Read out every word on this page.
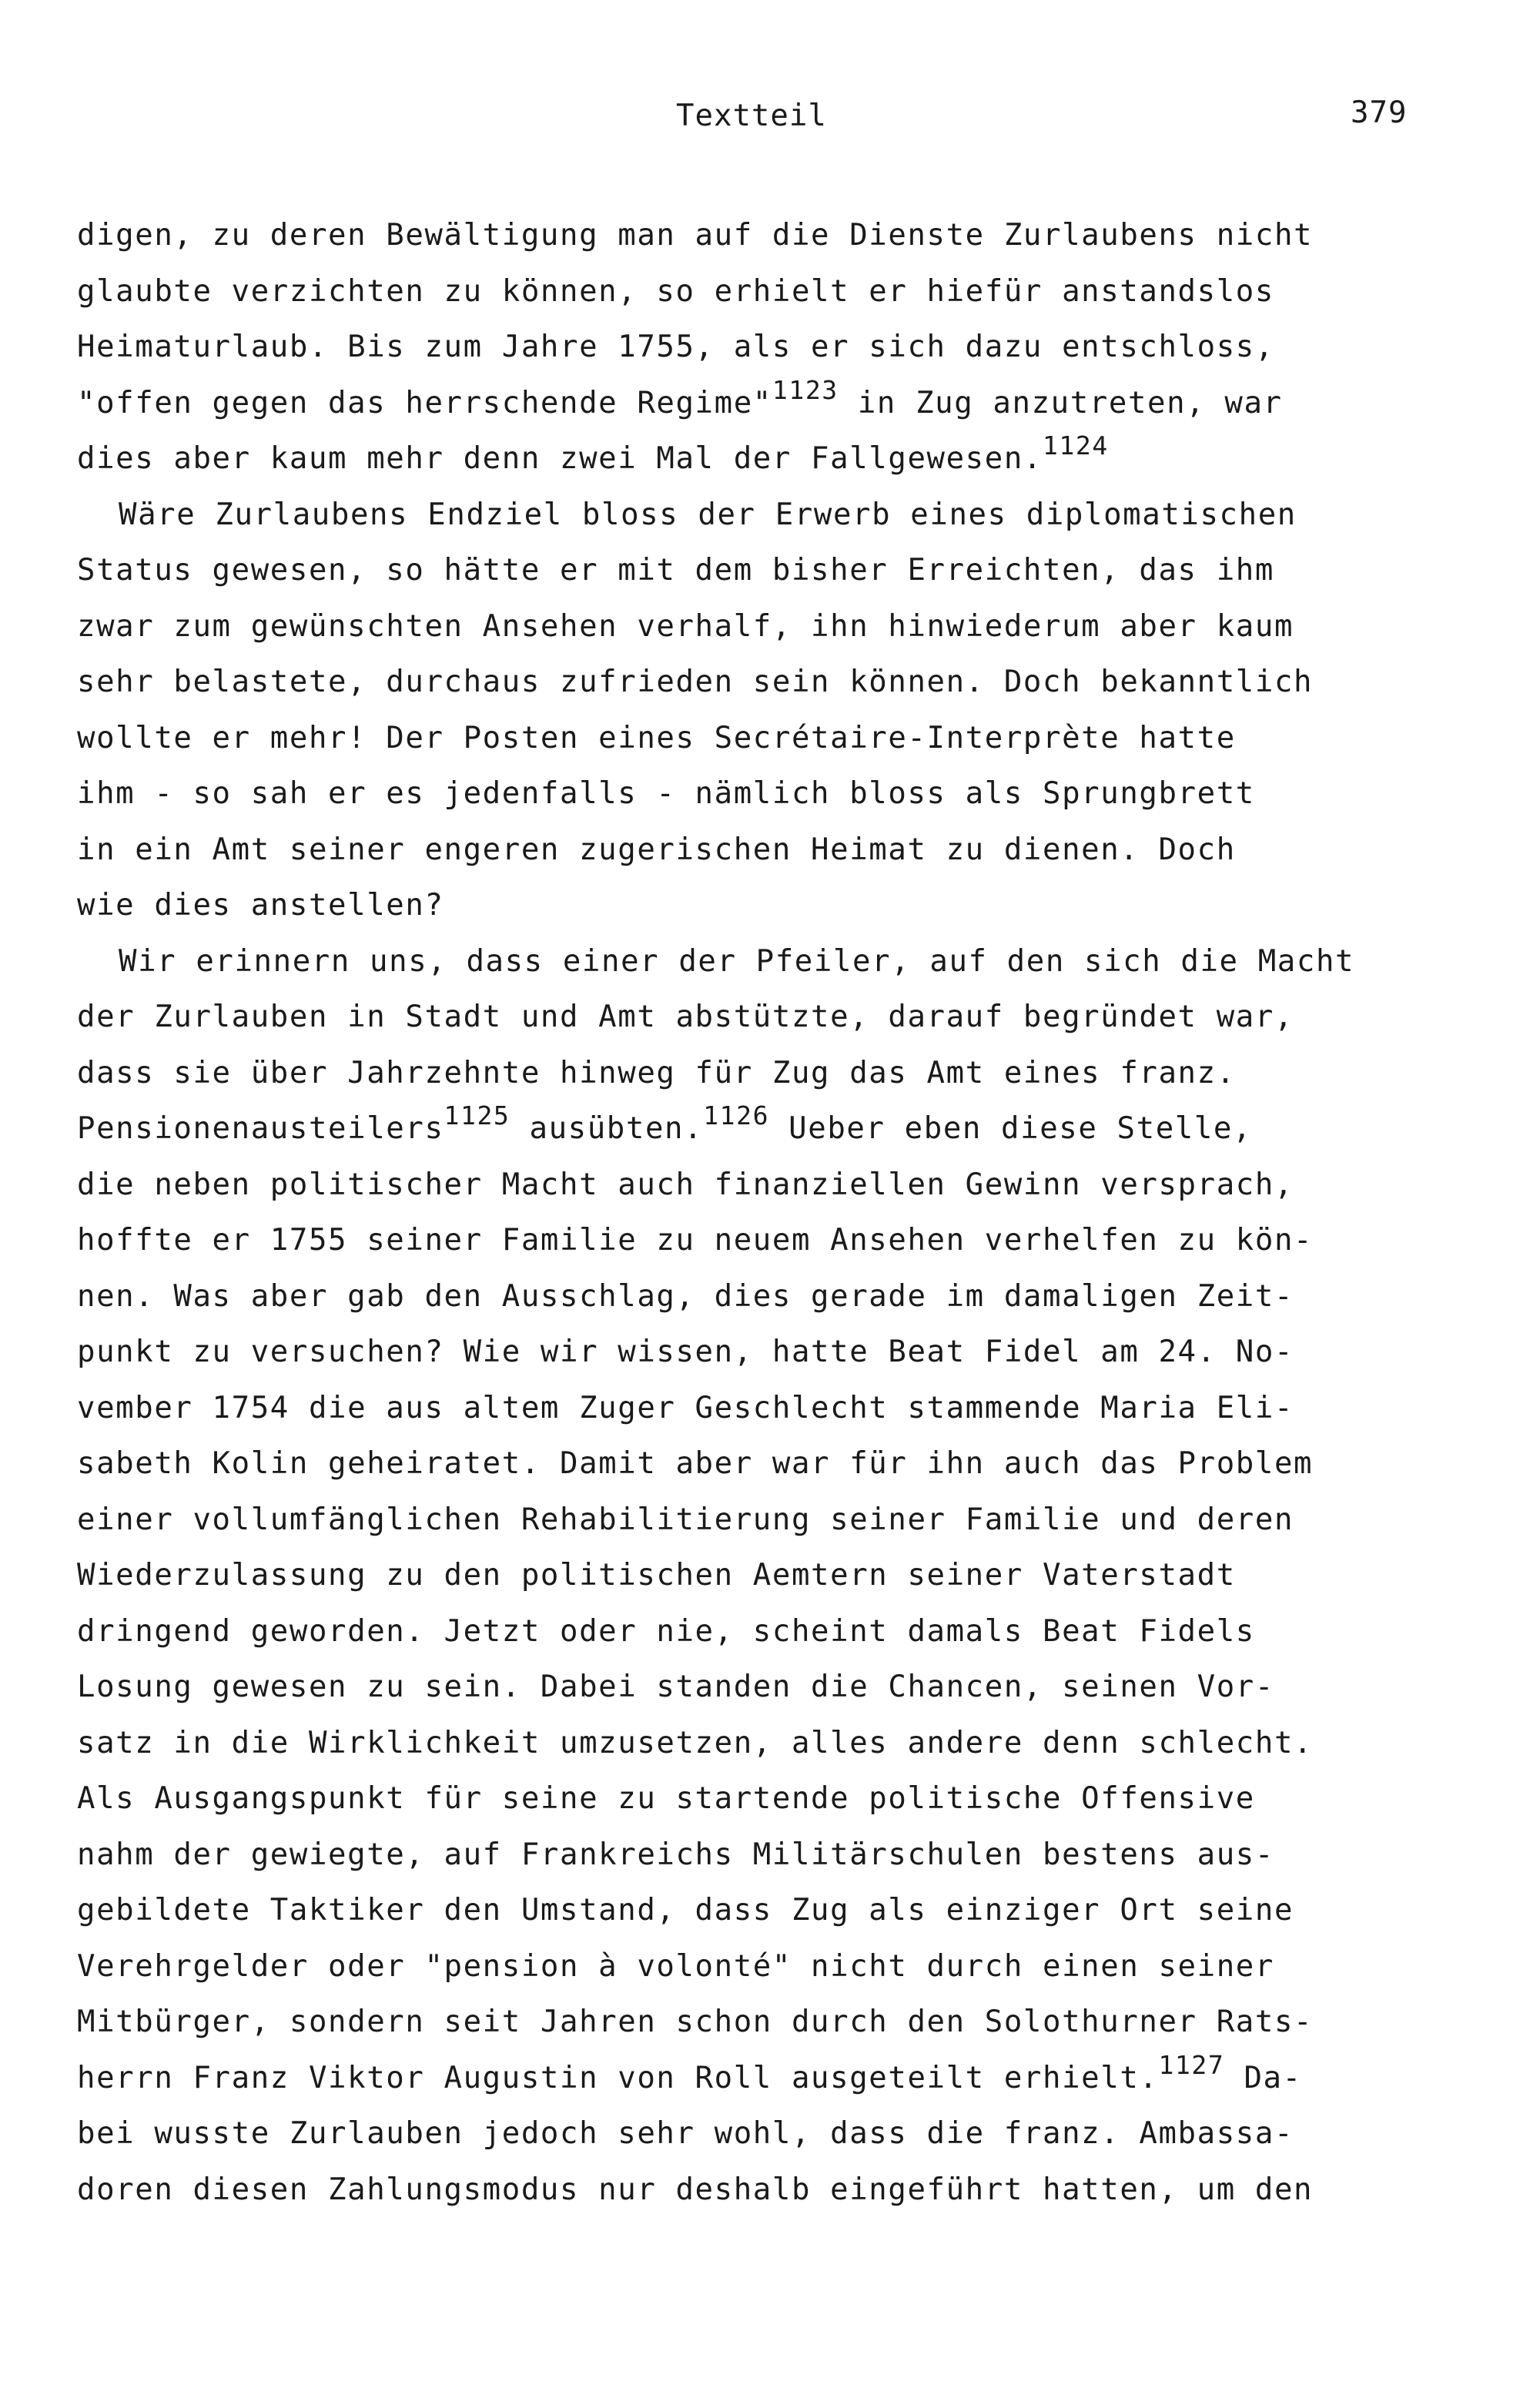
Textteil	379
digen, zu deren Bewältigung man auf die Dienste Zurlaubens nicht
glaubte verzichten zu können, so erhielt er hiefür anstandslos
Heimaturlaub. Bis zum Jahre 1755, als er sich dazu entschloss,
"offen gegen das herrschende Regime"$^{1123}$ in Zug anzutreten, war
dies aber kaum mehr denn zwei Mal der Fallgewesen.$^{1124}$
Wäre Zurlaubens Endziel bloss der Erwerb eines diplomatischen
Status gewesen, so hätte er mit dem bisher Erreichten, das ihm
zwar zum gewünschten Ansehen verhalf, ihn hinwiederum aber kaum
sehr belastete, durchaus zufrieden sein können. Doch bekanntlich
wollte er mehr! Der Posten eines Secrétaire-Interprète hatte
ihm - so sah er es jedenfalls - nämlich bloss als Sprungbrett
in ein Amt seiner engeren zugerischen Heimat zu dienen. Doch
wie dies anstellen?
Wir erinnern uns, dass einer der Pfeiler, auf den sich die Macht
der Zurlauben in Stadt und Amt abstützte, darauf begründet war,
dass sie über Jahrzehnte hinweg für Zug das Amt eines franz.
Pensionenausteilers$^{1125}$ ausübten.$^{1126}$ Ueber eben diese Stelle,
die neben politischer Macht auch finanziellen Gewinn versprach,
hoffte er 1755 seiner Familie zu neuem Ansehen verhelfen zu kön-
nen. Was aber gab den Ausschlag, dies gerade im damaligen Zeit-
punkt zu versuchen? Wie wir wissen, hatte Beat Fidel am 24. No-
vember 1754 die aus altem Zuger Geschlecht stammende Maria Eli-
sabeth Kolin geheiratet. Damit aber war für ihn auch das Problem
einer vollumfänglichen Rehabilitierung seiner Familie und deren
Wiederzulassung zu den politischen Aemtern seiner Vaterstadt
dringend geworden. Jetzt oder nie, scheint damals Beat Fidels
Losung gewesen zu sein. Dabei standen die Chancen, seinen Vor-
satz in die Wirklichkeit umzusetzen, alles andere denn schlecht.
Als Ausgangspunkt für seine zu startende politische Offensive
nahm der gewiegte, auf Frankreichs Militärschulen bestens aus-
gebildete Taktiker den Umstand, dass Zug als einziger Ort seine
Verehrgelder oder "pension à volonté" nicht durch einen seiner
Mitbürger, sondern seit Jahren schon durch den Solothurner Rats-
herrn Franz Viktor Augustin von Roll ausgeteilt erhielt.$^{1127}$ Da-
bei wusste Zurlauben jedoch sehr wohl, dass die franz. Ambassa-
doren diesen Zahlungsmodus nur deshalb eingeführt hatten, um den
